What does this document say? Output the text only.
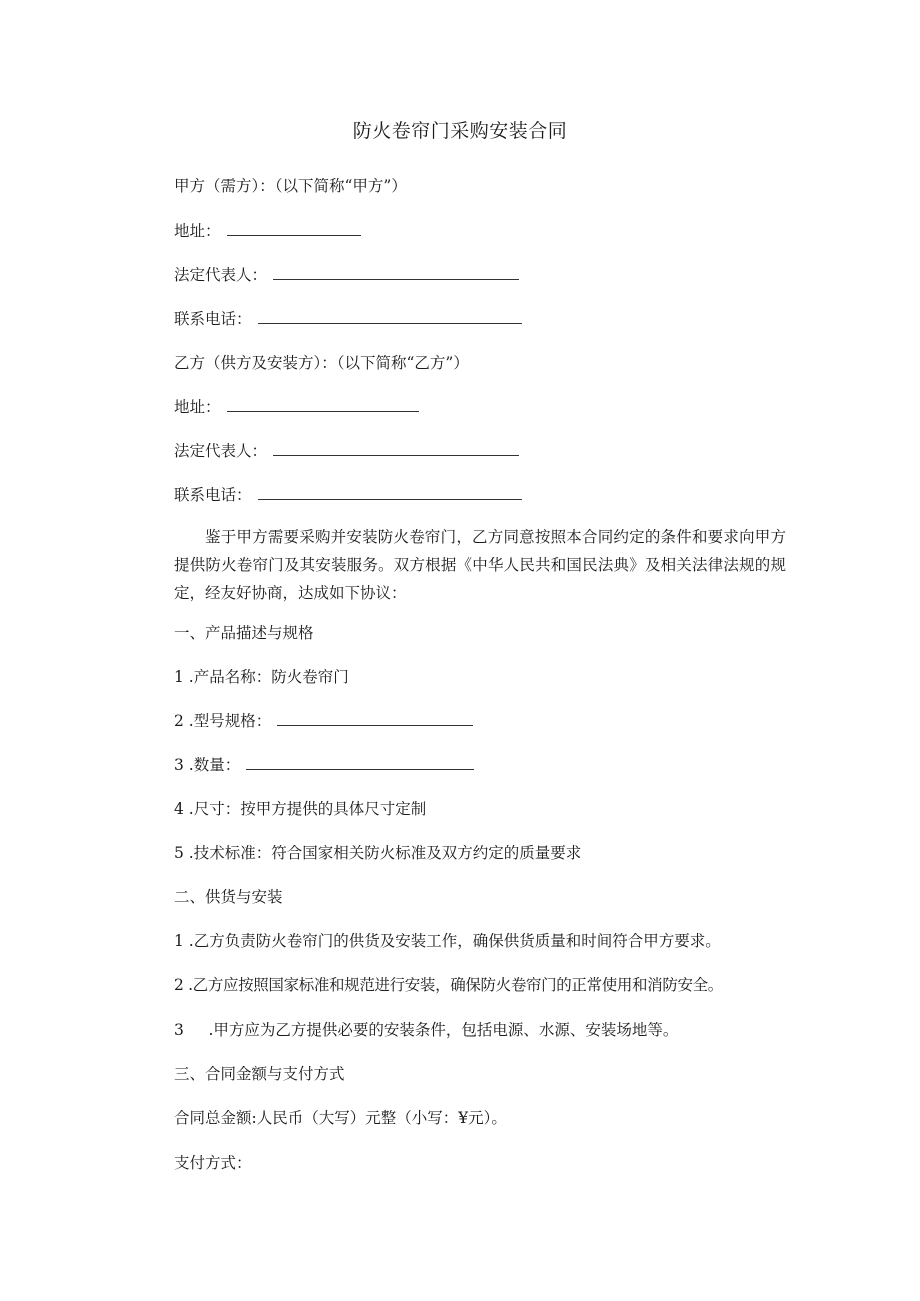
防火卷帘门采购安装合同
甲方（需方）：（以下简称“甲方”）
地址：
法定代表人：
联系电话：
乙方（供方及安装方）：（以下简称“乙方”）
地址：
法定代表人：
联系电话：
鉴于甲方需要采购并安装防火卷帘门，乙方同意按照本合同约定的条件和要求向甲方提供防火卷帘门及其安装服务。双方根据《中华人民共和国民法典》及相关法律法规的规定，经友好协商，达成如下协议：
一、产品描述与规格
1 .产品名称：防火卷帘门
2 .型号规格：
3 .数量：
4 .尺寸：按甲方提供的具体尺寸定制
5 .技术标准：符合国家相关防火标准及双方约定的质量要求
二、供货与安装
1 .乙方负责防火卷帘门的供货及安装工作，确保供货质量和时间符合甲方要求。
2 .乙方应按照国家标准和规范进行安装，确保防火卷帘门的正常使用和消防安全。
3     .甲方应为乙方提供必要的安装条件，包括电源、水源、安装场地等。
三、合同金额与支付方式
合同总金额:人民币（大写）元整（小写：¥元）。
支付方式：
